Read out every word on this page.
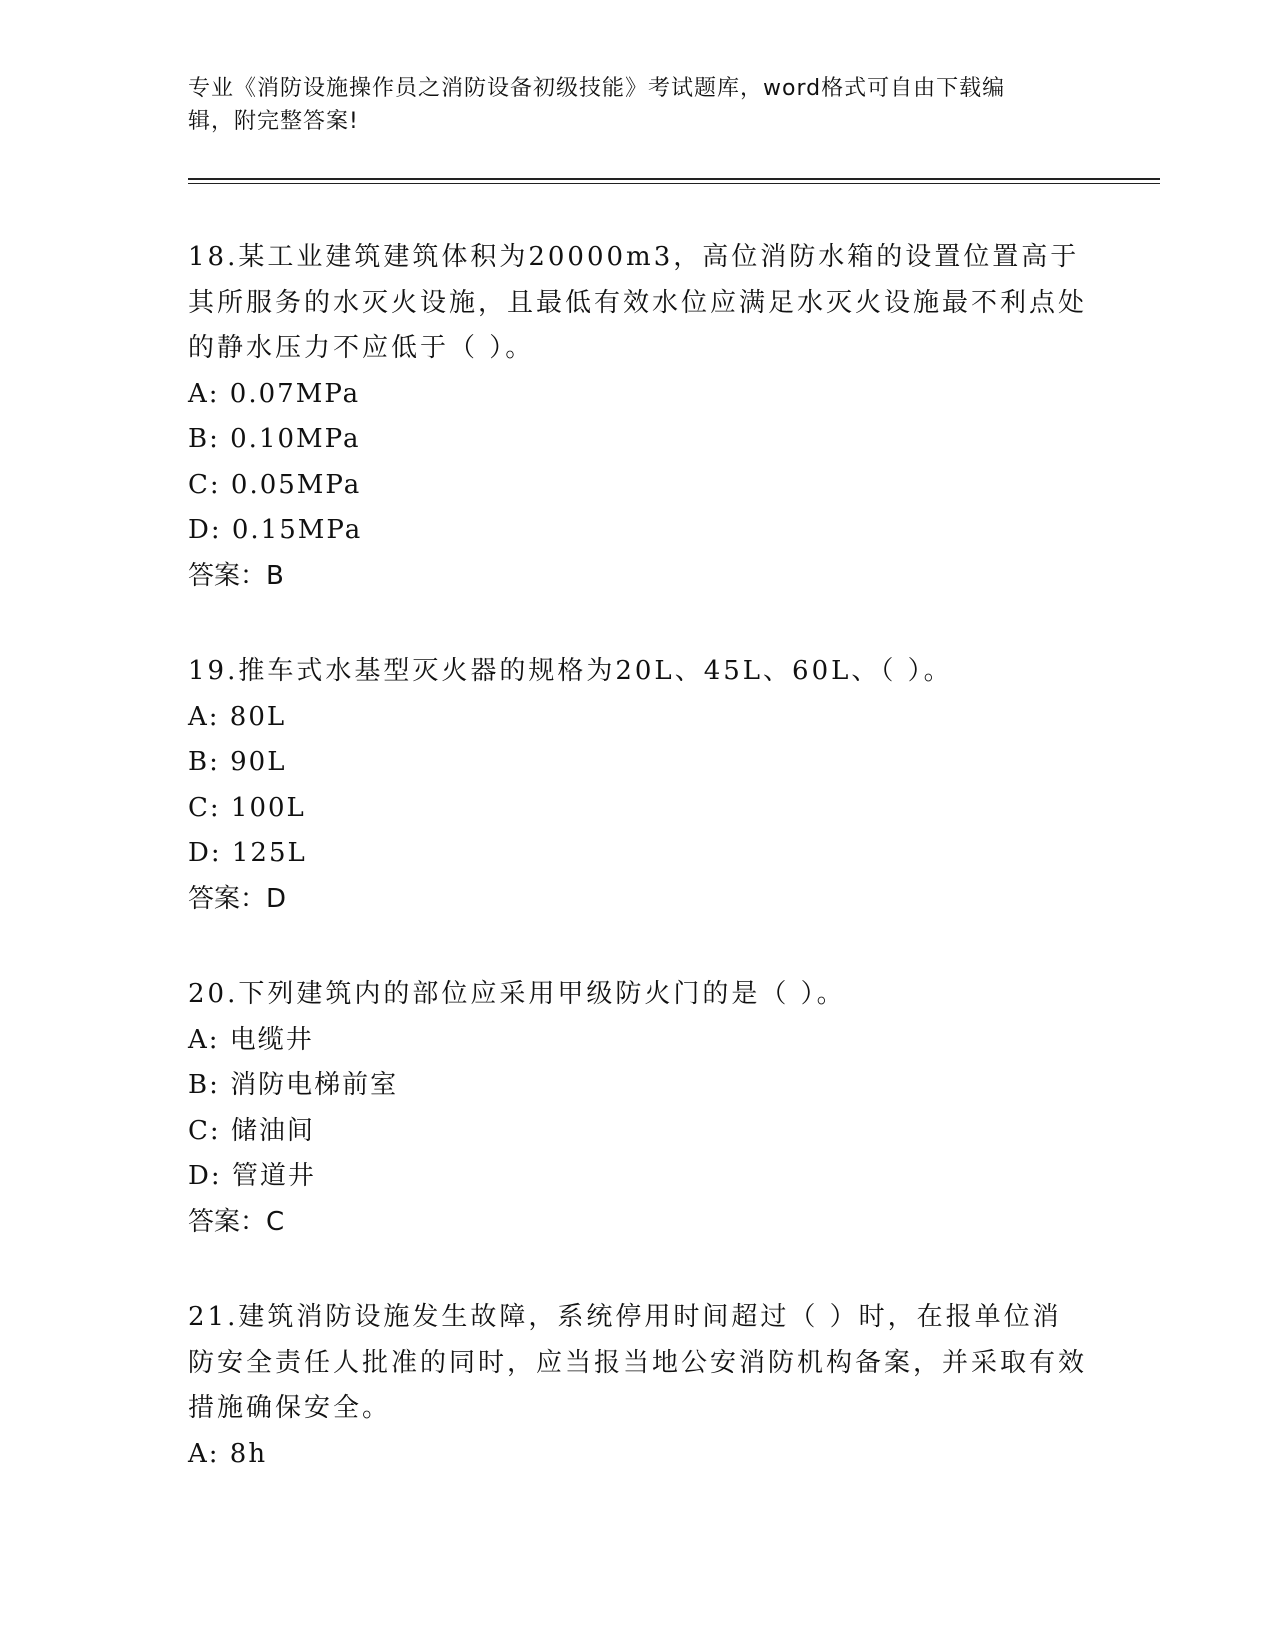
专业《消防设施操作员之消防设备初级技能》考试题库，word格式可自由下载编
辑，附完整答案!
18.某工业建筑建筑体积为20000m3，高位消防水箱的设置位置高于其所服务的水灭火设施，且最低有效水位应满足水灭火设施最不利点处的静水压力不应低于（ ）。
A: 0.07MPa
B: 0.10MPa
C: 0.05MPa
D: 0.15MPa
答案：B
19.推车式水基型灭火器的规格为20L、45L、60L、（ ）。
A: 80L
B: 90L
C: 100L
D: 125L
答案：D
20.下列建筑内的部位应采用甲级防火门的是（ ）。
A: 电缆井
B: 消防电梯前室
C: 储油间
D: 管道井
答案：C
21.建筑消防设施发生故障，系统停用时间超过（ ）时，在报单位消防安全责任人批准的同时，应当报当地公安消防机构备案，并采取有效措施确保安全。
A: 8h
